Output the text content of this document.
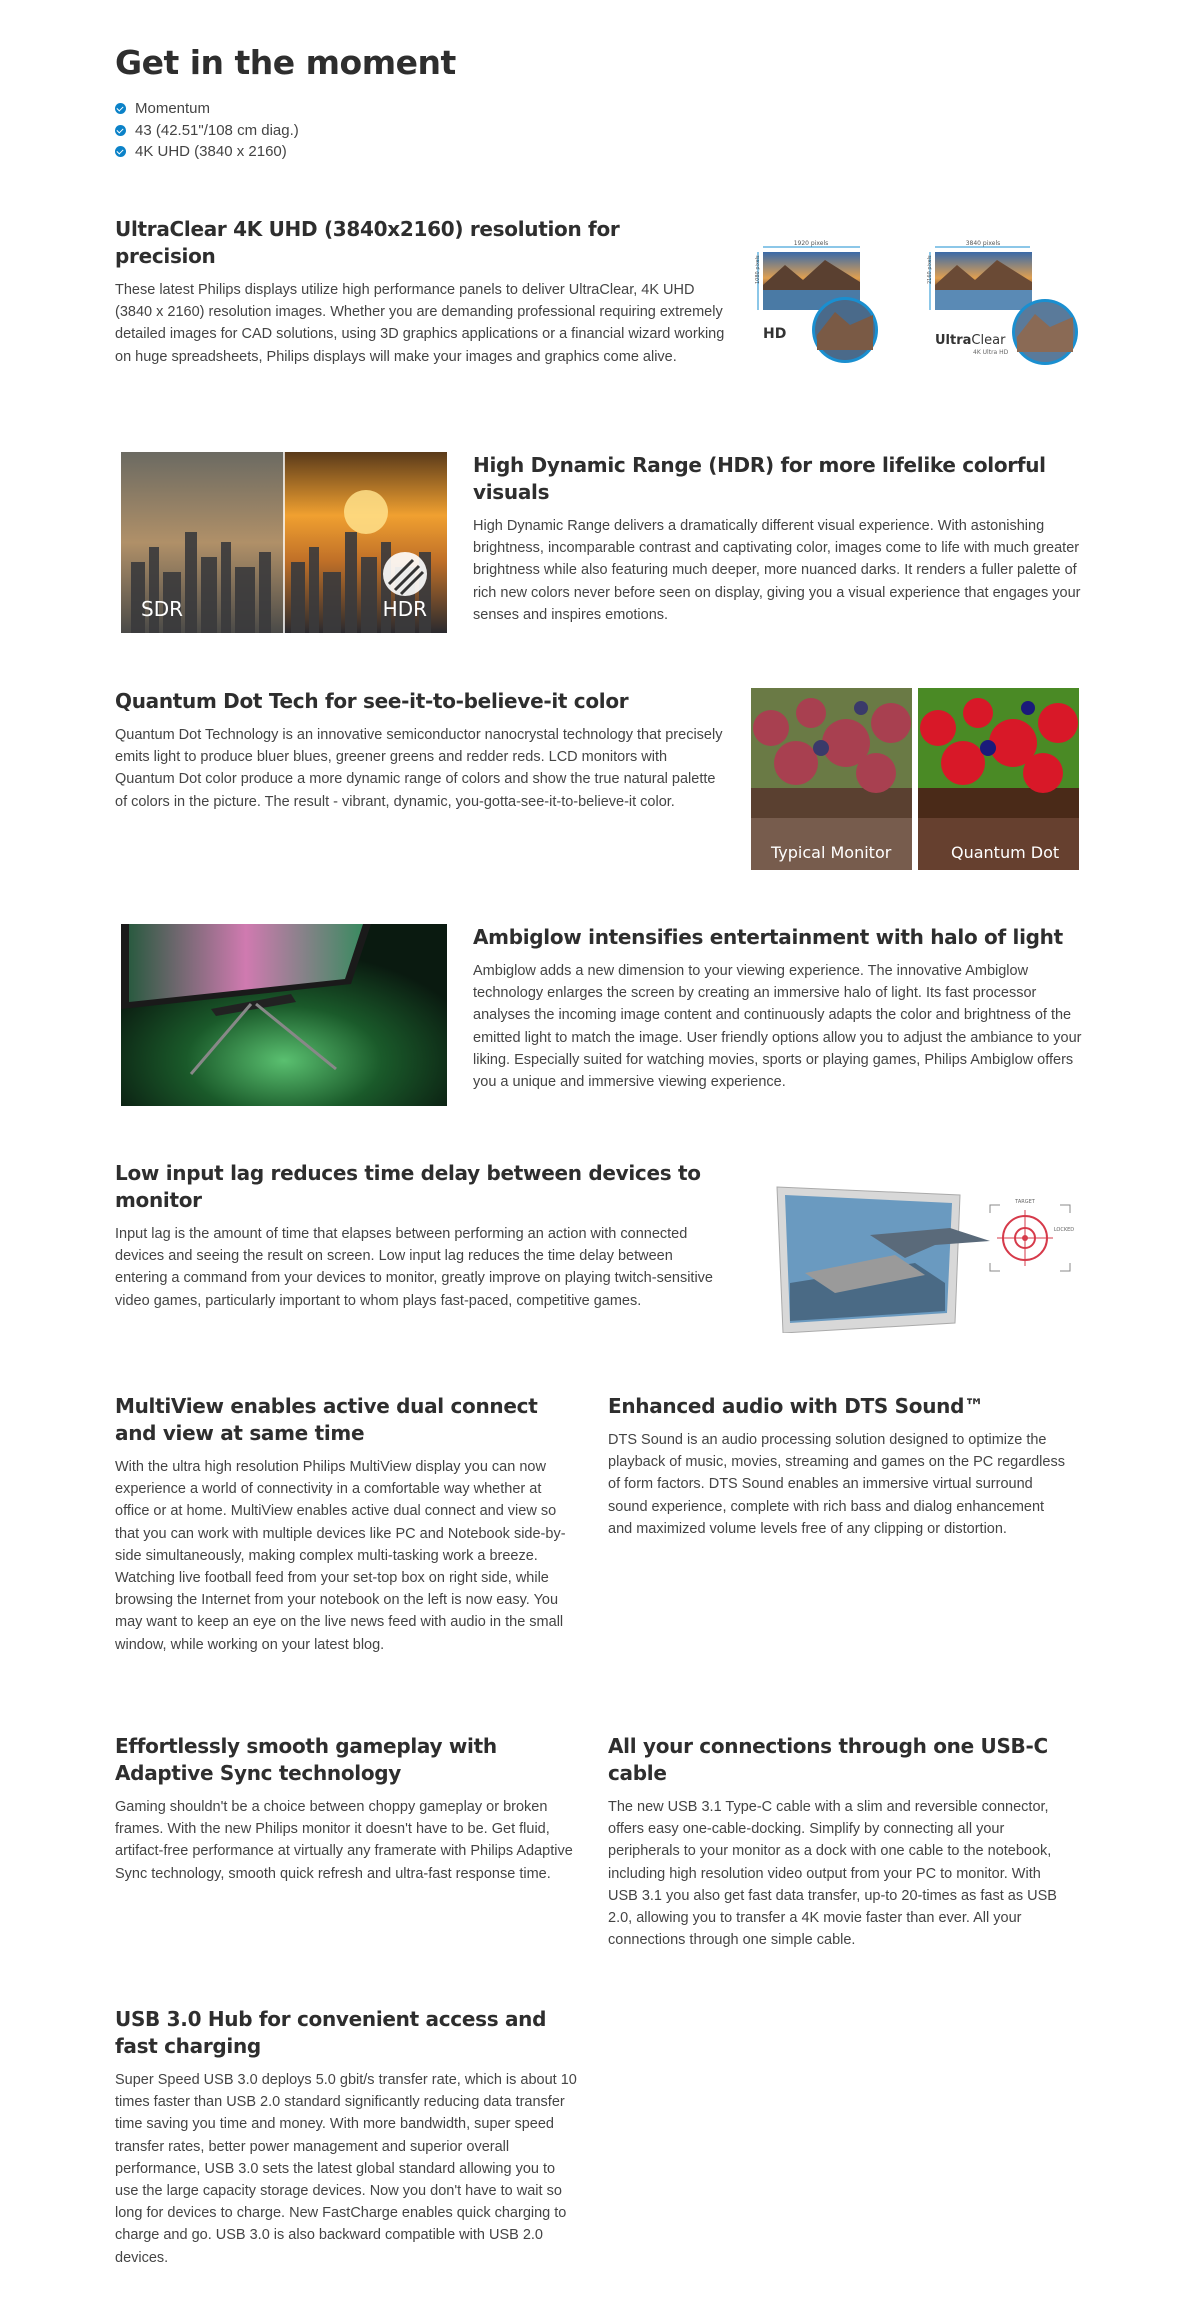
Get in the moment
Momentum
43 (42.51"/108 cm diag.)
4K UHD (3840 x 2160)
UltraClear 4K UHD (3840x2160) resolution for precision

These latest Philips displays utilize high performance panels to deliver UltraClear, 4K UHD (3840 x 2160) resolution images. Whether you are demanding professional requiring extremely detailed images for CAD solutions, using 3D graphics applications or a financial wizard working on huge spreadsheets, Philips displays will make your images and graphics come alive.

1920 pixels
1080 pixels
HD
3840 pixels
2160 pixels
UltraClear
4K Ultra HD
SDR	HDR
High Dynamic Range (HDR) for more lifelike colorful visuals

High Dynamic Range delivers a dramatically different visual experience. With astonishing brightness, incomparable contrast and captivating color, images come to life with much greater brightness while also featuring much deeper, more nuanced darks. It renders a fuller palette of rich new colors never before seen on display, giving you a visual experience that engages your senses and inspires emotions.

Quantum Dot Tech for see-it-to-believe-it color

Quantum Dot Technology is an innovative semiconductor nanocrystal technology that precisely emits light to produce bluer blues, greener greens and redder reds. LCD monitors with Quantum Dot color produce a more dynamic range of colors and show the true natural palette of colors in the picture. The result - vibrant, dynamic, you-gotta-see-it-to-believe-it color.

Typical Monitor	Quantum Dot
Ambiglow intensifies entertainment with halo of light

Ambiglow adds a new dimension to your viewing experience. The innovative Ambiglow technology enlarges the screen by creating an immersive halo of light. Its fast processor analyses the incoming image content and continuously adapts the color and brightness of the emitted light to match the image. User friendly options allow you to adjust the ambiance to your liking. Especially suited for watching movies, sports or playing games, Philips Ambiglow offers you a unique and immersive viewing experience.

Low input lag reduces time delay between devices to monitor

Input lag is the amount of time that elapses between performing an action with connected devices and seeing the result on screen. Low input lag reduces the time delay between entering a command from your devices to monitor, greatly improve on playing twitch-sensitive video games, particularly important to whom plays fast-paced, competitive games.

TARGET
LOCKED
MultiView enables active dual connect and view at same time

With the ultra high resolution Philips MultiView display you can now experience a world of connectivity in a comfortable way whether at office or at home. MultiView enables active dual connect and view so that you can work with multiple devices like PC and Notebook side-by-side simultaneously, making complex multi-tasking work a breeze. Watching live football feed from your set-top box on right side, while browsing the Internet from your notebook on the left is now easy. You may want to keep an eye on the live news feed with audio in the small window, while working on your latest blog.

Enhanced audio with DTS Sound™

DTS Sound is an audio processing solution designed to optimize the playback of music, movies, streaming and games on the PC regardless of form factors. DTS Sound enables an immersive virtual surround sound experience, complete with rich bass and dialog enhancement and maximized volume levels free of any clipping or distortion.

Effortlessly smooth gameplay with Adaptive Sync technology

Gaming shouldn't be a choice between choppy gameplay or broken frames. With the new Philips monitor it doesn't have to be. Get fluid, artifact-free performance at virtually any framerate with Philips Adaptive Sync technology, smooth quick refresh and ultra-fast response time.

All your connections through one USB-C cable

The new USB 3.1 Type-C cable with a slim and reversible connector, offers easy one-cable-docking. Simplify by connecting all your peripherals to your monitor as a dock with one cable to the notebook, including high resolution video output from your PC to monitor. With USB 3.1 you also get fast data transfer, up-to 20-times as fast as USB 2.0, allowing you to transfer a 4K movie faster than ever. All your connections through one simple cable.

USB 3.0 Hub for convenient access and fast charging

Super Speed USB 3.0 deploys 5.0 gbit/s transfer rate, which is about 10 times faster than USB 2.0 standard significantly reducing data transfer time saving you time and money. With more bandwidth, super speed transfer rates, better power management and superior overall performance, USB 3.0 sets the latest global standard allowing you to use the large capacity storage devices. Now you don't have to wait so long for devices to charge. New FastCharge enables quick charging to charge and go. USB 3.0 is also backward compatible with USB 2.0 devices.
